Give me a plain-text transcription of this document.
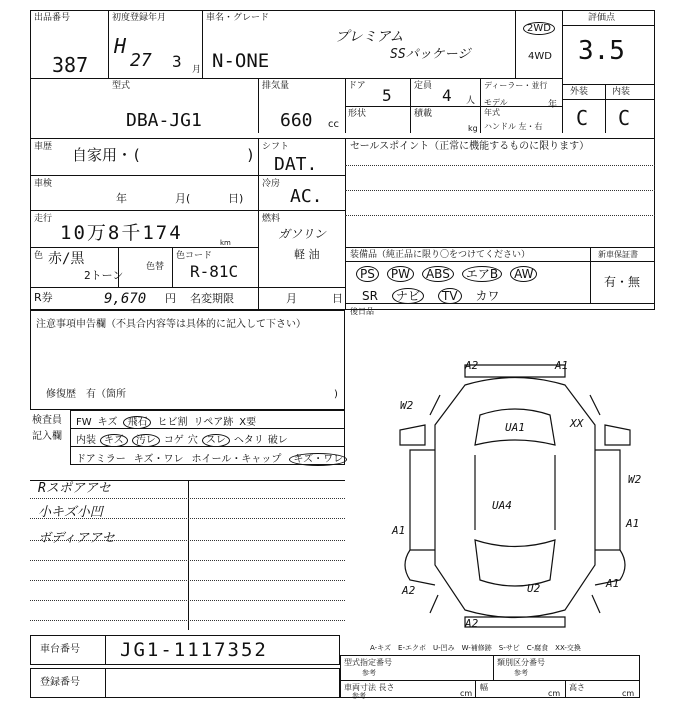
出品番号
387
初度登録年月
H
27 3 月
車名・グレード
プレミアム
N-ONE	SSパッケージ
2WD
4WD
評価点
3.5
外装	内装
C C
型式
DBA-JG1
排気量
660 cc
ドア 5 定員 4 人
ディーラー・並行
モデル年式
年
形状	積載
kg ハンドル 左・右
車歴 自家用・(	) シフト
DAT.
セールスポイント（正常に機能するものに限ります）
車検
年	月(	日)
冷房
AC.
走行
10万8千174	km
燃料
ガソリン
軽 油
色 赤/黒
2トーン
色替
色コード
R-81C
装備品（純正品に限り〇をつけてください）	新車保証書
有・無
PS PW ABS エアB AW
SR ナビ TV カワ
R券	9,670 円 名変期限	月	日
後日品
注意事項申告欄（不具合内容等は具体的に記入して下さい）
修復歴　有（箇所	)
検査員
記入欄
FW キズ 飛石 ヒビ割 リペア跡 X要
内装 キズ 汚レ コゲ 穴 スレ ヘタリ 破レ
ドアミラー キズ・ワレ ホイール・キャップ キズ・ワレ
Rスポアアセ
小キズ小凹
ボディアアセ
A2	A1
W2
UA1	XX
W2
UA4
A1
A1
A2	U2	A1
A2
車台番号 JG1-1117352
登録番号
A-キズ　E-エクボ　U-凹み　W-補修跡　S-サビ　C-腐食　XX-交換
型式指定番号
参考
類別区分番号
参考
車両寸法 長さ
参考	cm
幅
cm
高さ
cm
